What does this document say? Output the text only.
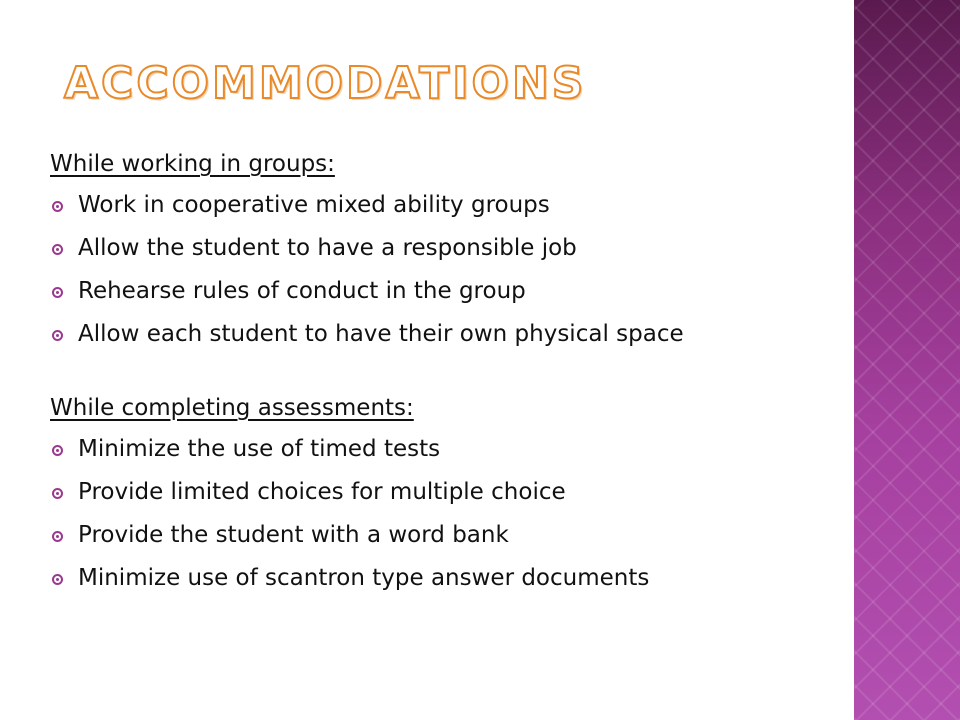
ACCOMMODATIONS
While working in groups:
Work in cooperative mixed ability groups
Allow the student to have a responsible job
Rehearse rules of conduct in the group
Allow each student to have their own physical space
While completing assessments:
Minimize the use of timed tests
Provide limited choices for multiple choice
Provide the student with a word bank
Minimize use of scantron type answer documents
